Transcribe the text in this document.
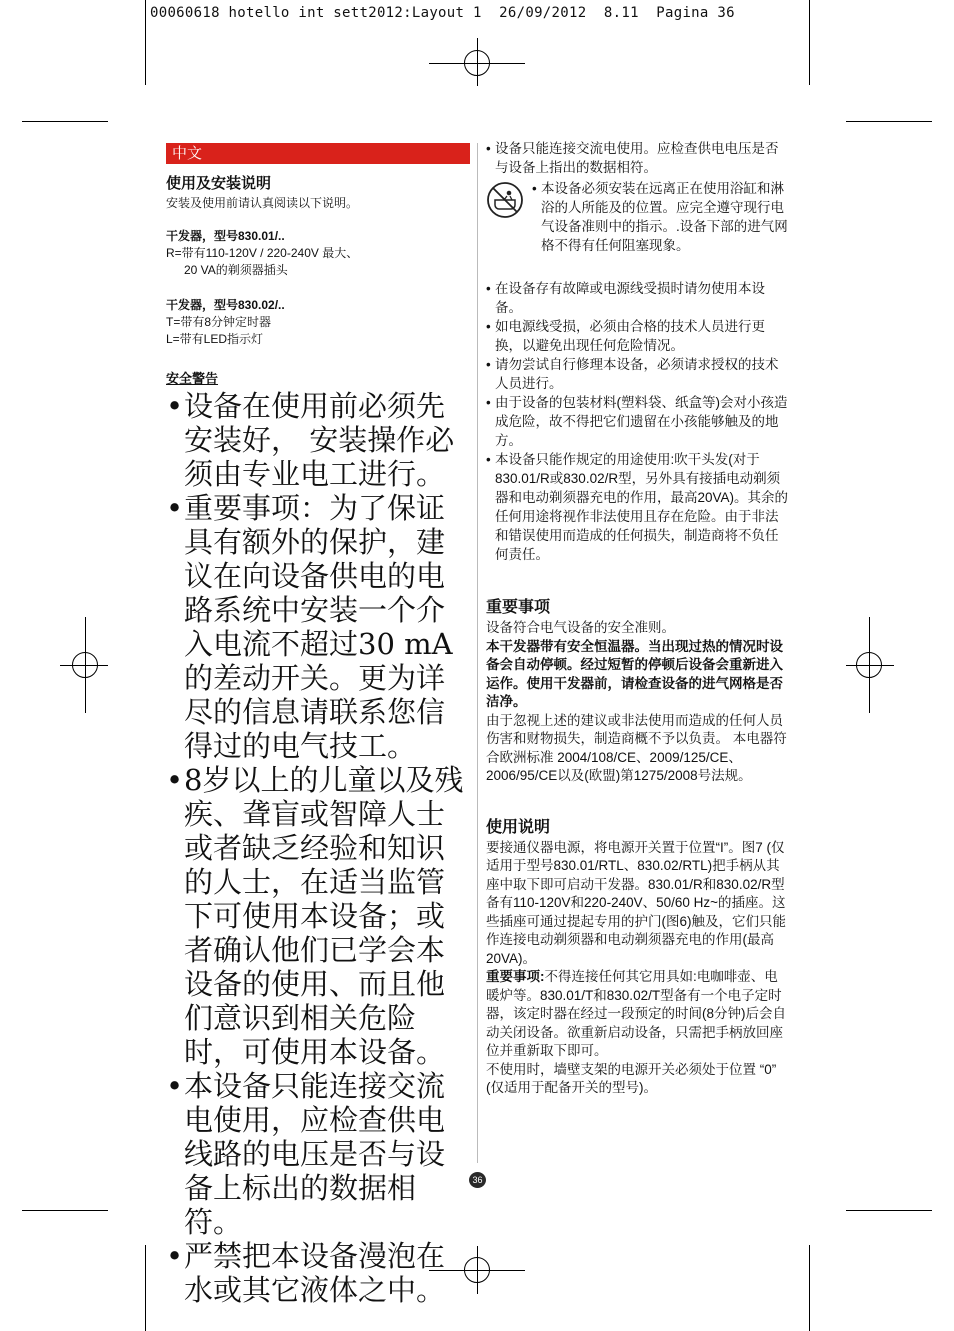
00060618 hotello int sett2012:Layout 1  26/09/2012  8.11  Pagina 36
中文

使用及安装说明

安装及使用前请认真阅读以下说明。
干发器，型号830.01/..
R=带有110-120V / 220-240V 最大、
20 VA的剃须器插头
干发器，型号830.02/..
T=带有8分钟定时器
L=带有LED指示灯
安全警告
• 设备在使用前必须先安装好， 安装操作必须由专业电工进行。
• 重要事项：为了保证具有额外的保护，建议在向设备供电的电路系统中安装一个介入电流不超过30 mA的差动开关。更为详尽的信息请联系您信得过的电气技工。
• 8岁以上的儿童以及残疾、聋盲或智障人士或者缺乏经验和知识的人士，在适当监管下可使用本设备；或者确认他们已学会本设备的使用、而且他们意识到相关危险时，可使用本设备。
• 本设备只能连接交流电使用，应检查供电线路的电压是否与设备上标出的数据相符。
• 严禁把本设备漫泡在水或其它液体之中。
• 设备只能连接交流电使用。应检查供电电压是否与设备上指出的数据相符。
• 本设备必须安装在远离正在使用浴缸和淋浴的人所能及的位置。应完全遵守现行电气设备准则中的指示。.设备下部的进气网格不得有任何阻塞现象。
• 在设备存有故障或电源线受损时请勿使用本设备。
• 如电源线受损，必须由合格的技术人员进行更换，以避免出现任何危险情况。
• 请勿尝试自行修理本设备，必须请求授权的技术人员进行。
• 由于设备的包装材料(塑料袋、纸盒等)会对小孩造成危险，故不得把它们遗留在小孩能够触及的地方。
• 本设备只能作规定的用途使用:吹干头发(对于830.01/R或830.02/R型，另外具有接插电动剃须器和电动剃须器充电的作用，最高20VA)。其余的任何用途将视作非法使用且存在危险。由于非法和错误使用而造成的任何损失，制造商将不负任何责任。

重要事项

设备符合电气设备的安全准则。
本干发器带有安全恒温器。当出现过热的情况时设备会自动停顿。经过短暂的停顿后设备会重新进入运作。使用干发器前，请检查设备的进气网格是否洁净。
由于忽视上述的建议或非法使用而造成的任何人员伤害和财物损失，制造商概不予以负责。 本电器符合欧洲标准 2004/108/CE、2009/125/CE、2006/95/CE以及(欧盟)第1275/2008号法规。

使用说明

要接通仪器电源，将电源开关置于位置“I”。图7 (仅适用于型号830.01/RTL、830.02/RTL)把手柄从其座中取下即可启动干发器。830.01/R和830.02/R型备有110-120V和220-240V、50/60 Hz~的插座。这些插座可通过提起专用的护门(图6)触及，它们只能作连接电动剃须器和电动剃须器充电的作用(最高20VA)。
重要事项:不得连接任何其它用具如:电咖啡壶、电暖炉等。830.01/T和830.02/T型备有一个电子定时器，该定时器在经过一段预定的时间(8分钟)后会自动关闭设备。欲重新启动设备，只需把手柄放回座位并重新取下即可。
不使用时，墙壁支架的电源开关必须处于位置 “0” (仅适用于配备开关的型号)。
36
